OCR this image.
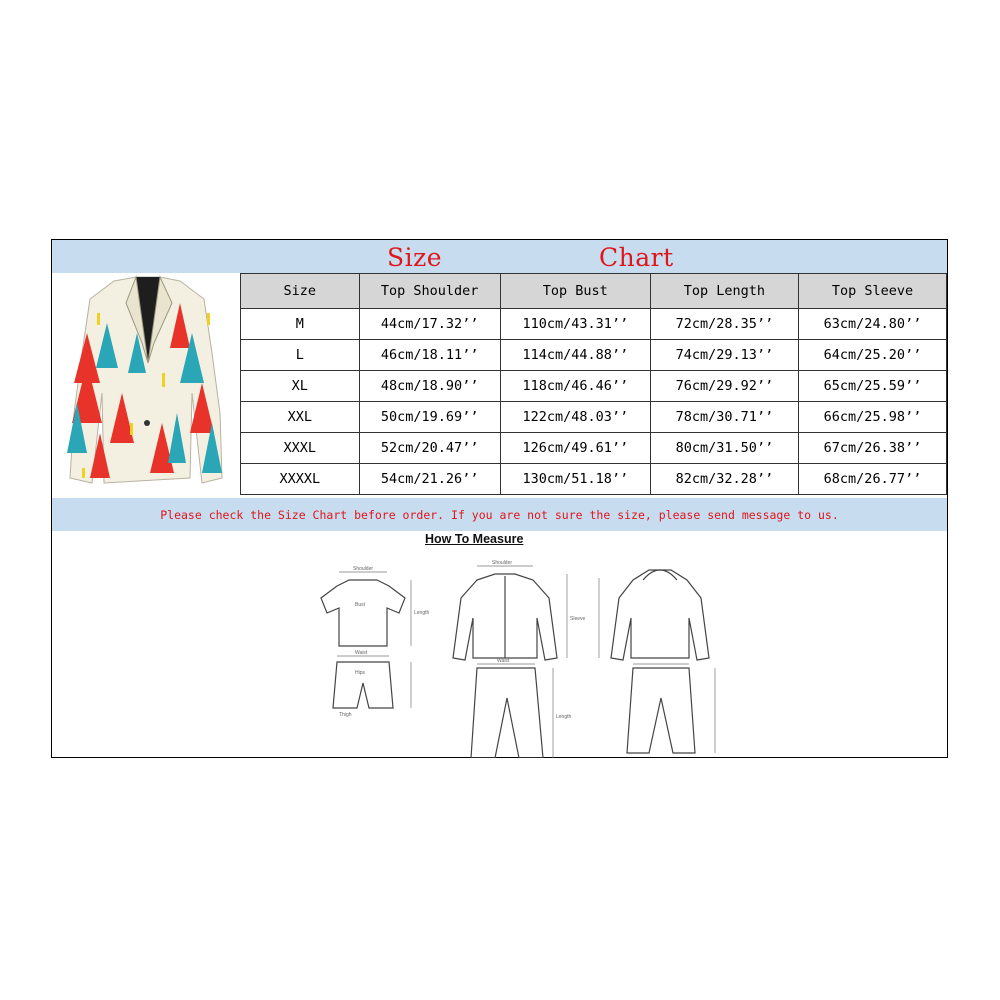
Size	Chart
Size	Top Shoulder	Top Bust	Top Length	Top Sleeve
M	44cm/17.32’’	110cm/43.31’’	72cm/28.35’’	63cm/24.80’’
L	46cm/18.11’’	114cm/44.88’’	74cm/29.13’’	64cm/25.20’’
XL	48cm/18.90’’	118cm/46.46’’	76cm/29.92’’	65cm/25.59’’
XXL	50cm/19.69’’	122cm/48.03’’	78cm/30.71’’	66cm/25.98’’
XXXL	52cm/20.47’’	126cm/49.61’’	80cm/31.50’’	67cm/26.38’’
XXXXL	54cm/21.26’’	130cm/51.18’’	82cm/32.28’’	68cm/26.77’’
Please check the Size Chart before order. If you are not sure the size, please send message to us.
How To Measure
Shoulder
Bust
Length
Waist
Hips
Thigh
Shoulder
Sleeve
Waist
Length
